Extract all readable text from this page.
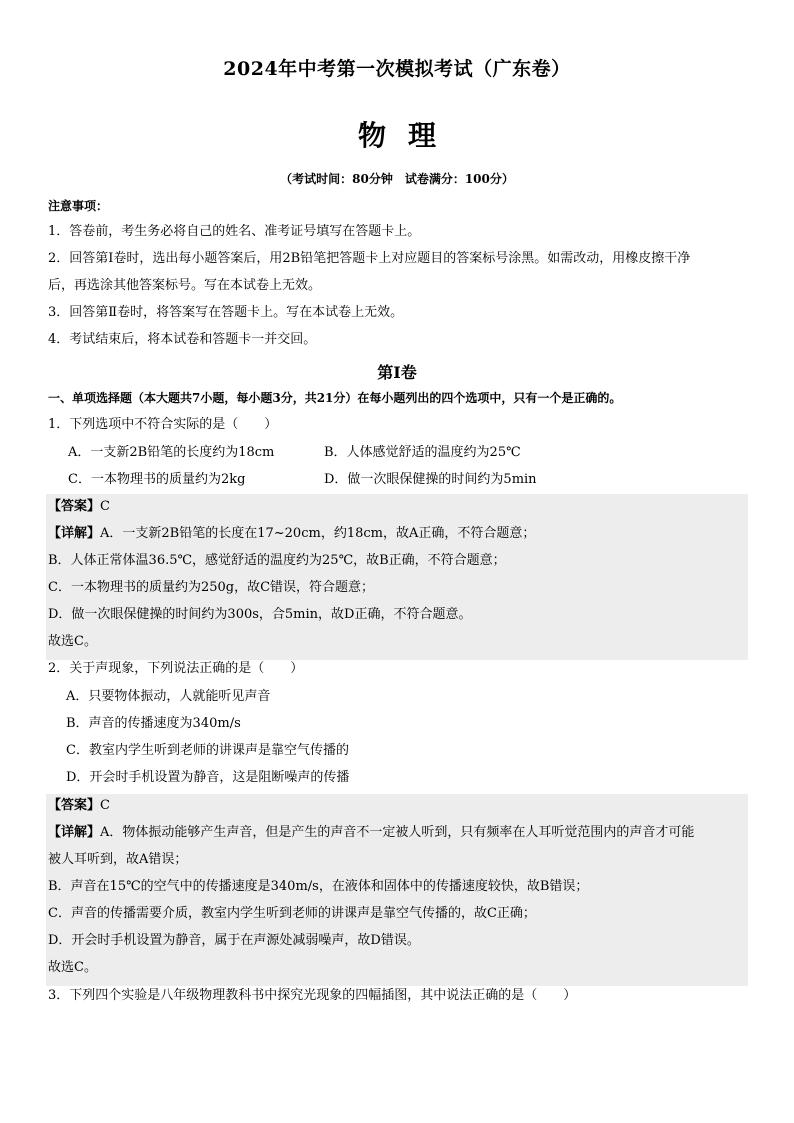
2024年中考第一次模拟考试（广东卷）
物理
（考试时间：80分钟　试卷满分：100分）
注意事项：
1．答卷前，考生务必将自己的姓名、准考证号填写在答题卡上。
2．回答第Ⅰ卷时，选出每小题答案后，用2B铅笔把答题卡上对应题目的答案标号涂黑。如需改动，用橡皮擦干净
后，再选涂其他答案标号。写在本试卷上无效。
3．回答第Ⅱ卷时，将答案写在答题卡上。写在本试卷上无效。
4．考试结束后，将本试卷和答题卡一并交回。
第Ⅰ卷
一、单项选择题（本大题共7小题，每小题3分，共21分）在每小题列出的四个选项中，只有一个是正确的。
1．下列选项中不符合实际的是（　　）
A．一支新2B铅笔的长度约为18cm	B．人体感觉舒适的温度约为25℃
C．一本物理书的质量约为2kg	D．做一次眼保健操的时间约为5min
【答案】C
【详解】A．一支新2B铅笔的长度在17~20cm，约18cm，故A正确，不符合题意；
B．人体正常体温36.5℃，感觉舒适的温度约为25℃，故B正确，不符合题意；
C．一本物理书的质量约为250g，故C错误，符合题意；
D．做一次眼保健操的时间约为300s，合5min，故D正确，不符合题意。
故选C。
2．关于声现象，下列说法正确的是（　　）
A．只要物体振动，人就能听见声音
B．声音的传播速度为340m/s
C．教室内学生听到老师的讲课声是靠空气传播的
D．开会时手机设置为静音，这是阻断噪声的传播
【答案】C
【详解】A．物体振动能够产生声音，但是产生的声音不一定被人听到，只有频率在人耳听觉范围内的声音才可能
被人耳听到，故A错误；
B．声音在15℃的空气中的传播速度是340m/s，在液体和固体中的传播速度较快，故B错误；
C．声音的传播需要介质，教室内学生听到老师的讲课声是靠空气传播的，故C正确；
D．开会时手机设置为静音，属于在声源处减弱噪声，故D错误。
故选C。
3．下列四个实验是八年级物理教科书中探究光现象的四幅插图，其中说法正确的是（　　）
